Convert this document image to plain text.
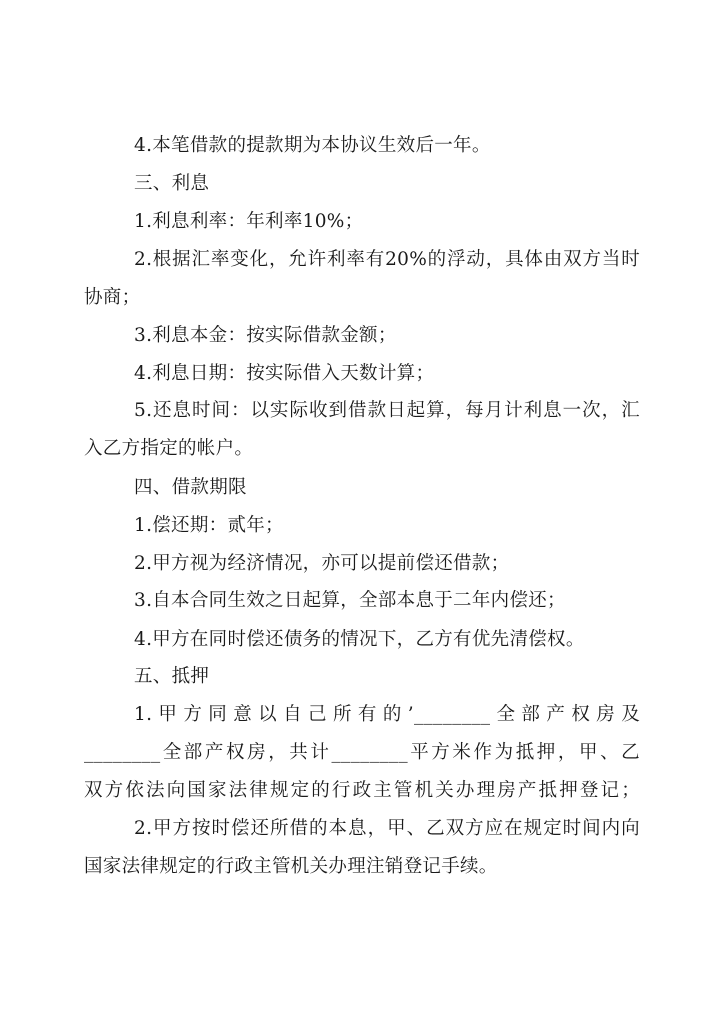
4.本笔借款的提款期为本协议生效后一年。
三、利息
1.利息利率：年利率10%；
2.根据汇率变化，允许利率有20%的浮动，具体由双方当时
协商；
3.利息本金：按实际借款金额；
4.利息日期：按实际借入天数计算；
5.还息时间：以实际收到借款日起算，每月计利息一次，汇
入乙方指定的帐户。
四、借款期限
1.偿还期：贰年；
2.甲方视为经济情况，亦可以提前偿还借款；
3.自本合同生效之日起算，全部本息于二年内偿还；
4.甲方在同时偿还债务的情况下，乙方有优先清偿权。
五、抵押
1.甲方同意以自己所有的’________全部产权房及
________全部产权房，共计________平方米作为抵押，甲、乙
双方依法向国家法律规定的行政主管机关办理房产抵押登记；
2.甲方按时偿还所借的本息，甲、乙双方应在规定时间内向
国家法律规定的行政主管机关办理注销登记手续。
